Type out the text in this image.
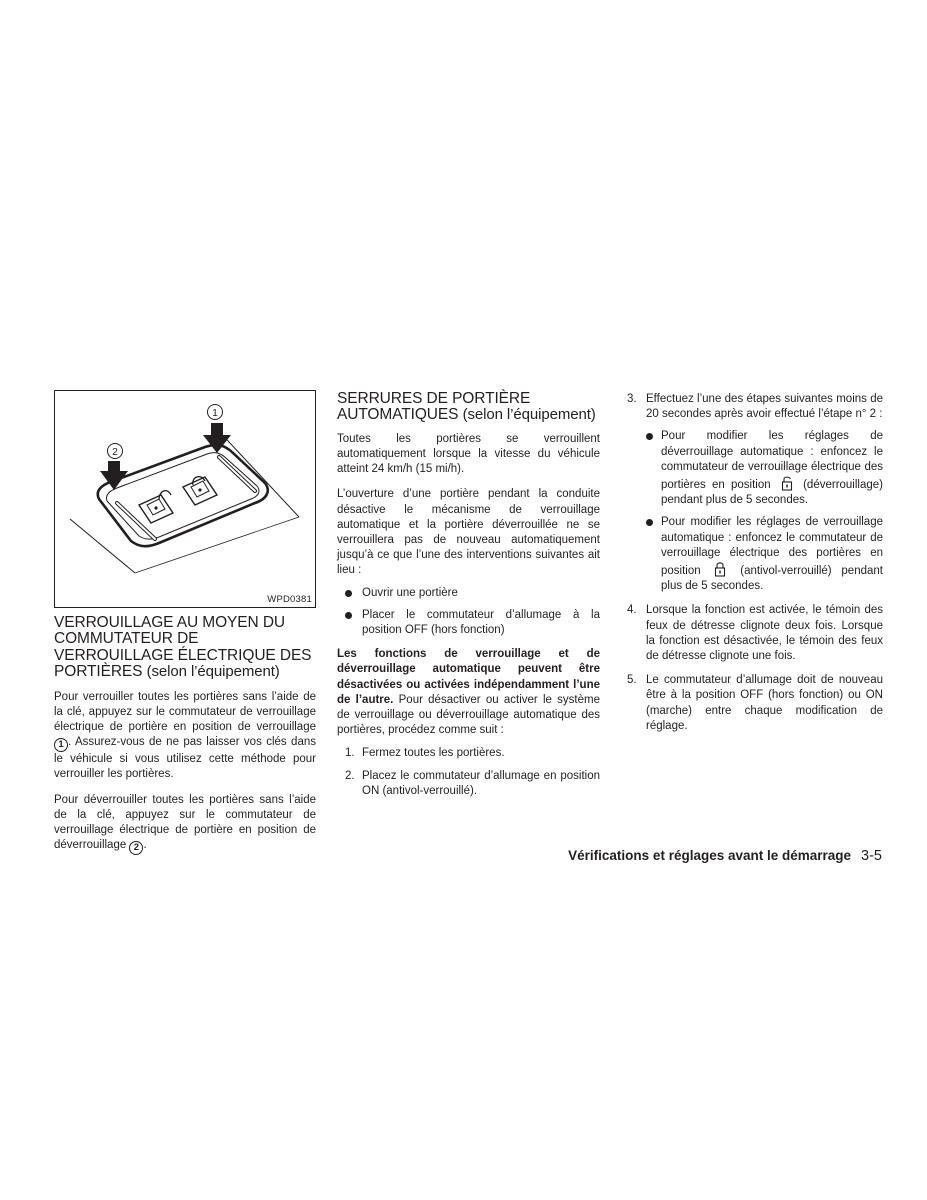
1
2
WPD0381
VERROUILLAGE AU MOYEN DU COMMUTATEUR DE VERROUILLAGE ÉLECTRIQUE DES PORTIÈRES (selon l’équipement)

Pour verrouiller toutes les portières sans l’aide de la clé, appuyez sur le commutateur de verrouillage électrique de portière en position de verrouillage 1 . Assurez-vous de ne pas laisser vos clés dans le véhicule si vous utilisez cette méthode pour verrouiller les portières.

Pour déverrouiller toutes les portières sans l’aide de la clé, appuyez sur le commutateur de verrouillage électrique de portière en position de déverrouillage 2 .

SERRURES DE PORTIÈRE AUTOMATIQUES (selon l’équipement)

Toutes les portières se verrouillent automatiquement lorsque la vitesse du véhicule atteint 24 km/h (15 mi/h).

L’ouverture d’une portière pendant la conduite désactive le mécanisme de verrouillage automatique et la portière déverrouillée ne se verrouillera pas de nouveau automatiquement jusqu’à ce que l’une des interventions suivantes ait lieu :

Ouvrir une portière
Placer le commutateur d’allumage à la position OFF (hors fonction)

Les fonctions de verrouillage et de déverrouillage automatique peuvent être désactivées ou activées indépendamment l’une de l’autre. Pour désactiver ou activer le système de verrouillage ou déverrouillage automatique des portières, procédez comme suit :

1. Fermez toutes les portières.
2. Placez le commutateur d’allumage en position ON (antivol-verrouillé).
3. Effectuez l’une des étapes suivantes moins de 20 secondes après avoir effectué l’étape n° 2 :
Pour modifier les réglages de déverrouillage automatique : enfoncez le commutateur de verrouillage électrique des portières en position	(déverrouillage) pendant plus de 5 secondes.
Pour modifier les réglages de verrouillage automatique : enfoncez le commutateur de verrouillage électrique des portières en position	(antivol-verrouillé) pendant plus de 5 secondes.
4. Lorsque la fonction est activée, le témoin des feux de détresse clignote deux fois. Lorsque la fonction est désactivée, le témoin des feux de détresse clignote une fois.
5. Le commutateur d’allumage doit de nouveau être à la position OFF (hors fonction) ou ON (marche) entre chaque modification de réglage.
Vérifications et réglages avant le démarrage 3-5
